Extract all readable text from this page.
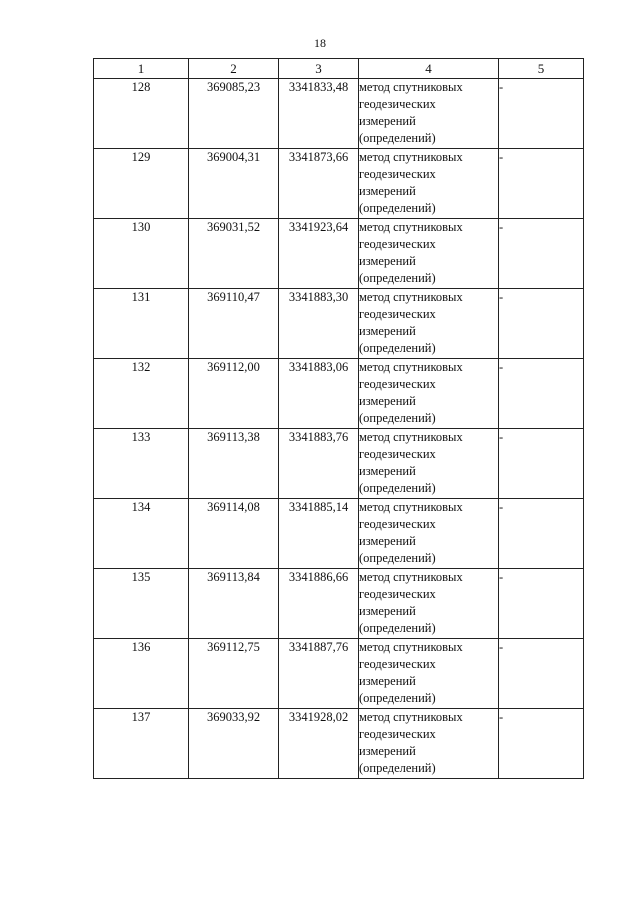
18
1	2	3	4	5
128	369085,23	3341833,48	метод спутниковых
геодезических
измерений
(определений)	-
129	369004,31	3341873,66	метод спутниковых
геодезических
измерений
(определений)	-
130	369031,52	3341923,64	метод спутниковых
геодезических
измерений
(определений)	-
131	369110,47	3341883,30	метод спутниковых
геодезических
измерений
(определений)	-
132	369112,00	3341883,06	метод спутниковых
геодезических
измерений
(определений)	-
133	369113,38	3341883,76	метод спутниковых
геодезических
измерений
(определений)	-
134	369114,08	3341885,14	метод спутниковых
геодезических
измерений
(определений)	-
135	369113,84	3341886,66	метод спутниковых
геодезических
измерений
(определений)	-
136	369112,75	3341887,76	метод спутниковых
геодезических
измерений
(определений)	-
137	369033,92	3341928,02	метод спутниковых
геодезических
измерений
(определений)	-
